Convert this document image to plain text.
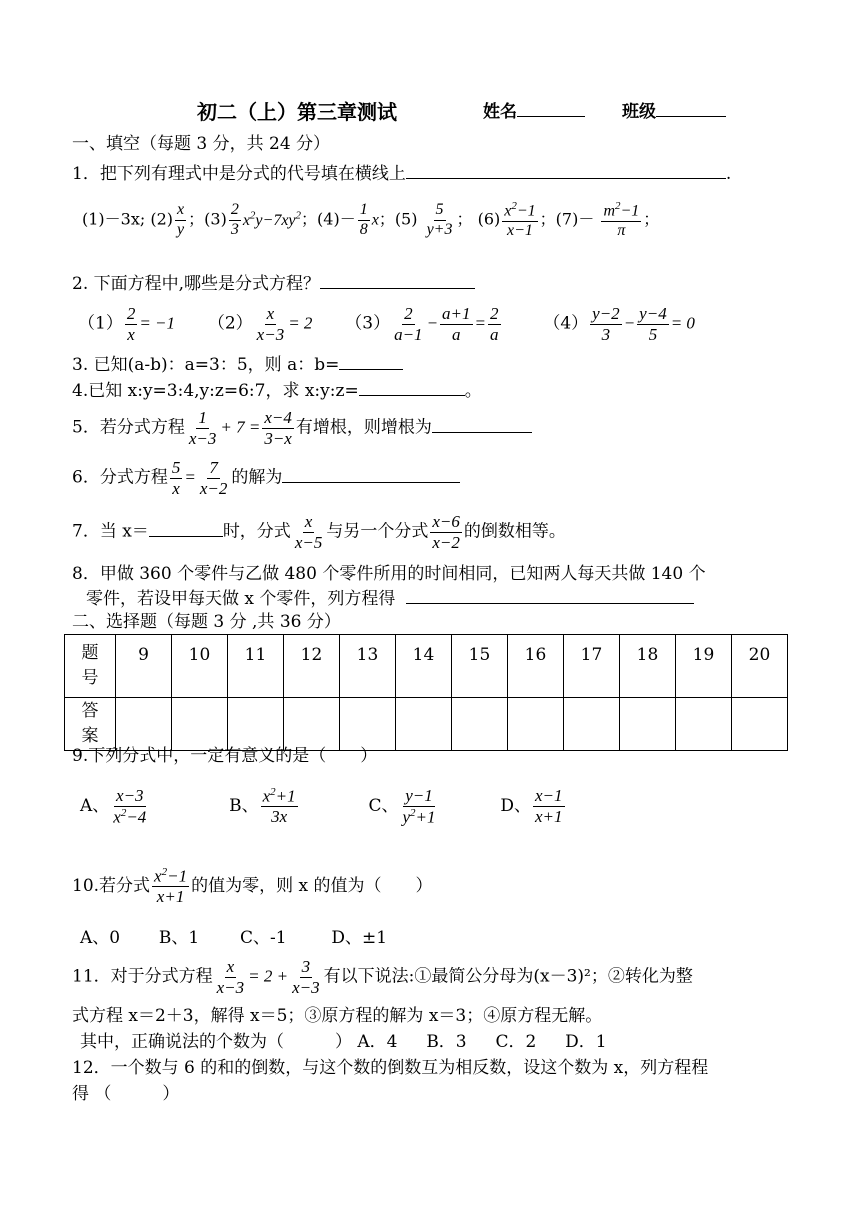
初二（上）第三章测试	姓名	班级
一、填空（每题 3 分，共 24 分）
1．把下列有理式中是分式的代号填在横线上	.
(1)－3x; $(2) \frac{x}{y}$ ；$(3) \frac{2}{3} x^2y-7xy^2$；$(4)- \frac{1}{8}$ x；$(5) \frac{5}{y+3}$ ； $(6) \frac{x^2-1}{x-1}$ ；$(7)- \frac{m^2-1}{\pi}$ ；
2. 下面方程中,哪些是分式方程？
$(1) \frac{2}{x} = -1$ $(2) \frac{x}{x-3} = 2$ $(3) \frac{2}{a-1} - \frac{a+1}{a} = \frac{2}{a}$	$(4) \frac{y-2}{3} - \frac{y-4}{5} = 0$
3. 已知(a-b)：a=3：5，则 a：b=
4.已知 x:y=3:4,y:z=6:7，求 x:y:z=	。
5．若分式方程 $\frac{1}{x-3} + 7 = \frac{x-4}{3-x}$ 有增根，则增根为
6．分式方程 $\frac{5}{x} = \frac{7}{x-2}$ 的解为
7．当 x＝	时，分式 $\frac{x}{x-5}$ 与另一个分式 $\frac{x-6}{x-2}$ 的倒数相等。
8．甲做 360 个零件与乙做 480 个零件所用的时间相同，已知两人每天共做 140 个
零件，若设甲每天做 x 个零件，列方程得
二、选择题（每题 3 分 ,共 36 分）
题
号	9	10	11	12	13	14	15	16	17	18	19	20
答
案												
9.下列分式中，一定有意义的是（　　）
A、 $\frac{x-3}{x^2-4}$	B、 $\frac{x^2+1}{3x}$	C、 $\frac{y-1}{y^2+1}$	D、 $\frac{x-1}{x+1}$
10.若分式 $\frac{x^2-1}{x+1}$ 的值为零，则 x 的值为（　　）
A、0 B、1 C、-1	D、±1
11．对于分式方程 $\frac{x}{x-3} = 2 + \frac{3}{x-3}$ 有以下说法:①最简公分母为(x－3)²；②转化为整
式方程 x＝2＋3，解得 x＝5；③原方程的解为 x＝3；④原方程无解。
其中，正确说法的个数为（　　　） A．4 B．3 C．2 D．1
12．一个数与 6 的和的倒数，与这个数的倒数互为相反数，设这个数为 x，列方程程
得 （　　　）
